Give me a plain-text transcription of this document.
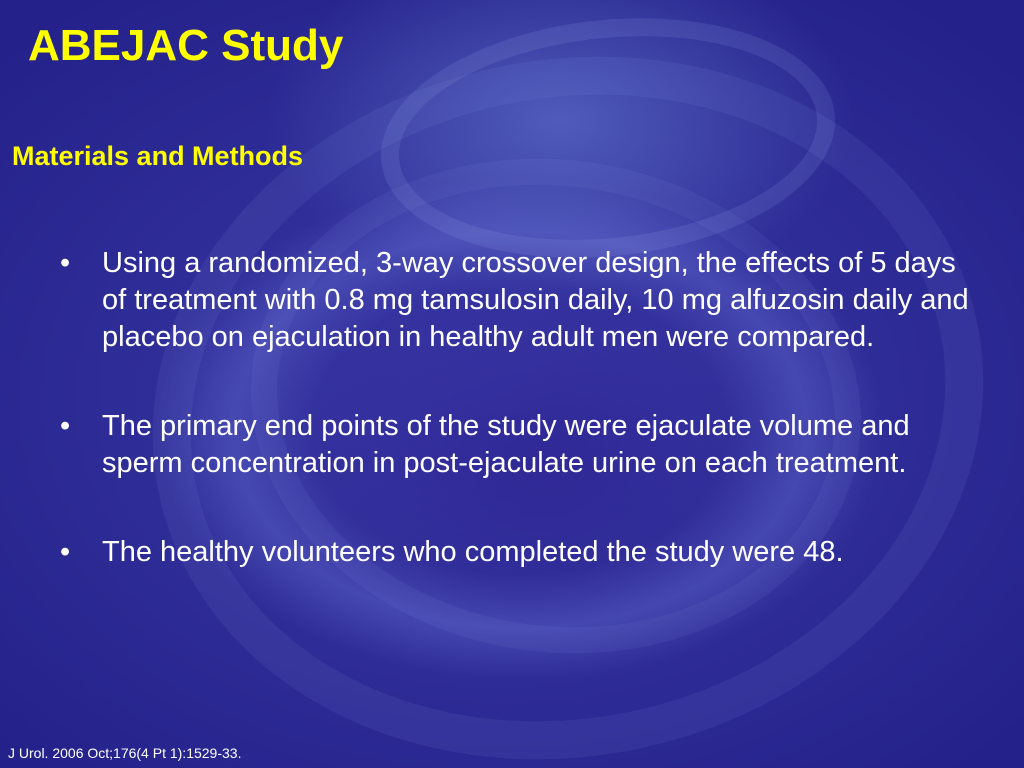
ABEJAC Study
Materials and Methods
•	Using a randomized, 3-way crossover design, the effects of 5 days of treatment with 0.8 mg tamsulosin daily, 10 mg alfuzosin daily and placebo on ejaculation in healthy adult men were compared.
•	The primary end points of the study were ejaculate volume and sperm concentration in post-ejaculate urine on each treatment.
•	The healthy volunteers who completed the study were 48.

J Urol. 2006 Oct;176(4 Pt 1):1529-33.
